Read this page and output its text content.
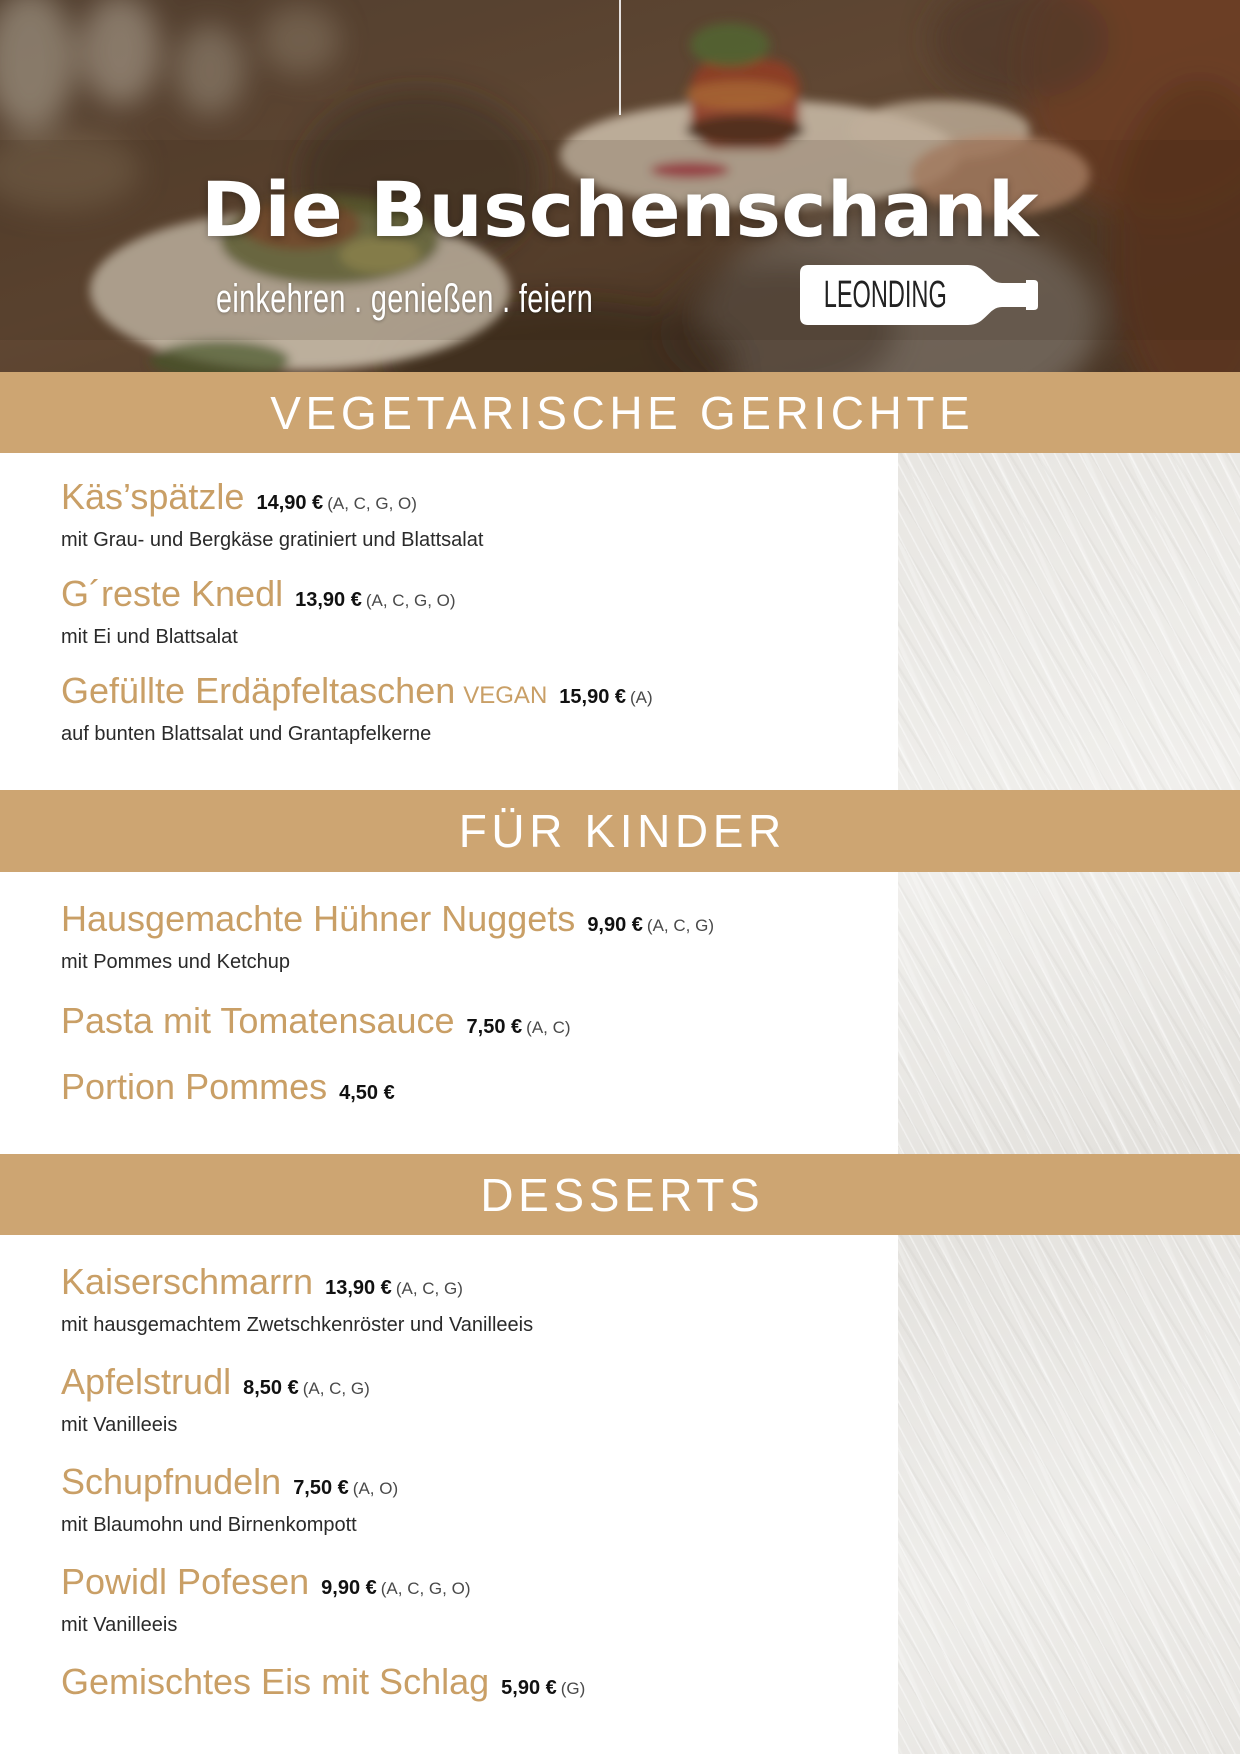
Die Buschenschank
einkehren . genießen . feiern	LEONDING
VEGETARISCHE GERICHTE
FÜR KINDER
DESSERTS
Käs’spätzle 14,90 € (A, C, G, O)
mit Grau- und Bergkäse gratiniert und Blattsalat
G´reste Knedl 13,90 € (A, C, G, O)
mit Ei und Blattsalat
Gefüllte Erdäpfeltaschen VEGAN 15,90 € (A)
auf bunten Blattsalat und Grantapfelkerne
Hausgemachte Hühner Nuggets 9,90 € (A, C, G)
mit Pommes und Ketchup
Pasta mit Tomatensauce 7,50 € (A, C)
Portion Pommes 4,50 €
Kaiserschmarrn 13,90 € (A, C, G)
mit hausgemachtem Zwetschkenröster und Vanilleeis
Apfelstrudl 8,50 € (A, C, G)
mit Vanilleeis
Schupfnudeln 7,50 € (A, O)
mit Blaumohn und Birnenkompott
Powidl Pofesen 9,90 € (A, C, G, O)
mit Vanilleeis
Gemischtes Eis mit Schlag 5,90 € (G)
